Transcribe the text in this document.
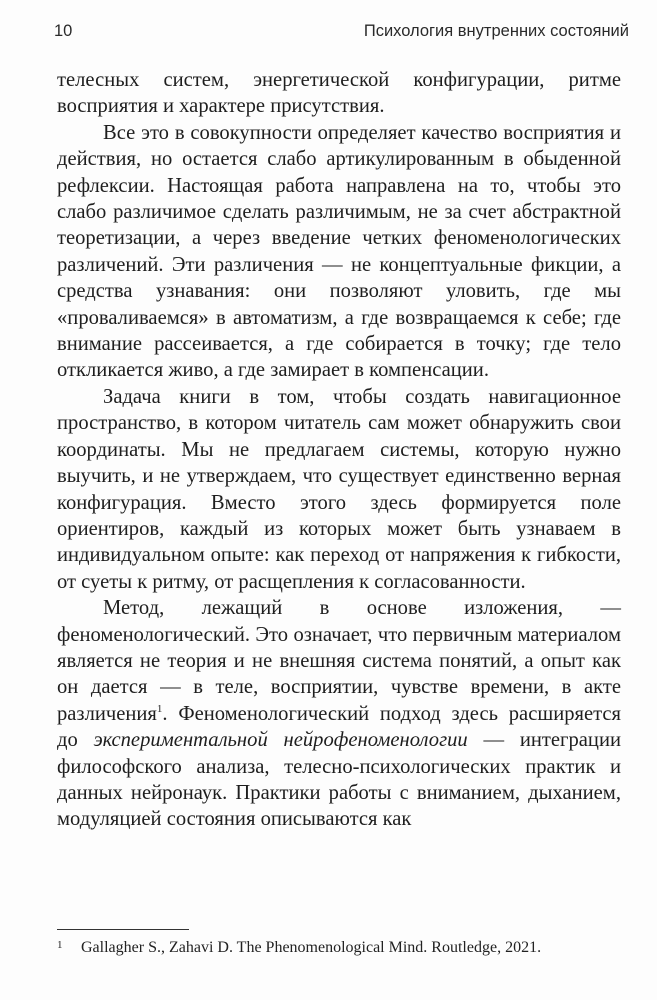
10	Психология внутренних состояний

телесных систем, энергетической конфигурации, ритме восприятия и характере присутствия.

Все это в совокупности определяет качество восприятия и действия, но остается слабо артикулированным в обыденной рефлексии. Настоящая работа направлена на то, чтобы это слабо различимое сделать различимым, не за счет абстрактной теоретизации, а через введение четких феноменологических различений. Эти различения — не концептуальные фикции, а средства узнавания: они позволяют уловить, где мы «проваливаемся» в автоматизм, а где возвращаемся к себе; где внимание рассеивается, а где собирается в точку; где тело откликается живо, а где замирает в компенсации.

Задача книги в том, чтобы создать навигационное пространство, в котором читатель сам может обнаружить свои координаты. Мы не предлагаем системы, которую нужно выучить, и не утверждаем, что существует единственно верная конфигурация. Вместо этого здесь формируется поле ориентиров, каждый из которых может быть узнаваем в индивидуальном опыте: как переход от напряжения к гибкости, от суеты к ритму, от расщепления к согласованности.

Метод, лежащий в основе изложения, — феноменологический. Это означает, что первичным материалом является не теория и не внешняя система понятий, а опыт как он дается — в теле, восприятии, чувстве времени, в акте различения$^1$. Феноменологический подход здесь расширяется до экспериментальной нейрофеноменологии — интеграции философского анализа, телесно-психологических практик и данных нейронаук. Практики работы с вниманием, дыханием, модуляцией состояния описываются как

1 Gallagher S., Zahavi D. The Phenomenological Mind. Routledge, 2021.
